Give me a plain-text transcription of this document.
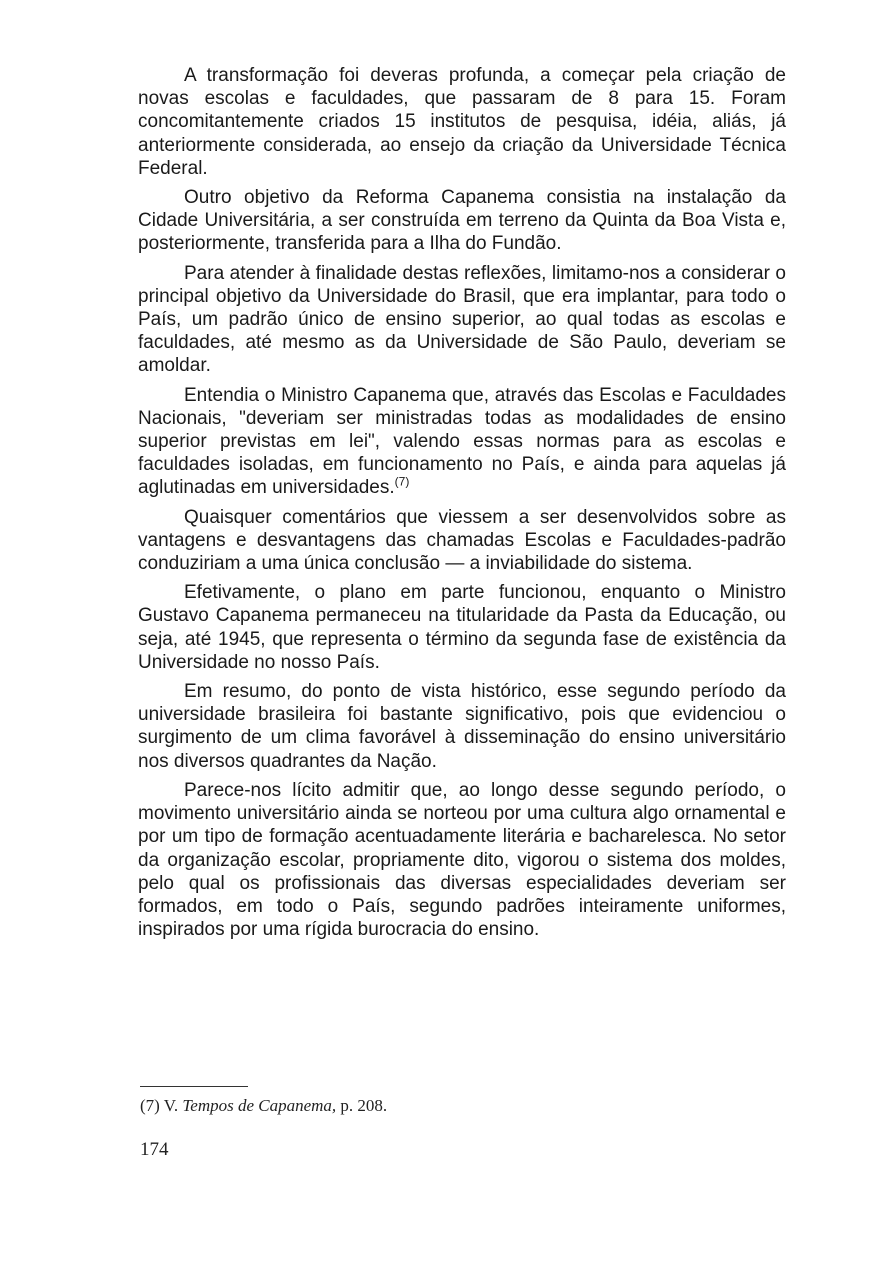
A transformação foi deveras profunda, a começar pela criação de novas escolas e faculdades, que passaram de 8 para 15. Foram concomitantemente criados 15 institutos de pesquisa, idéia, aliás, já anteriormente considerada, ao ensejo da criação da Universidade Técnica Federal.

Outro objetivo da Reforma Capanema consistia na instalação da Cidade Universitária, a ser construída em terreno da Quinta da Boa Vista e, posteriormente, transferida para a Ilha do Fundão.

Para atender à finalidade destas reflexões, limitamo-nos a considerar o principal objetivo da Universidade do Brasil, que era implantar, para todo o País, um padrão único de ensino superior, ao qual todas as escolas e faculdades, até mesmo as da Universidade de São Paulo, deveriam se amoldar.

Entendia o Ministro Capanema que, através das Escolas e Faculdades Nacionais, "deveriam ser ministradas todas as modalidades de ensino superior previstas em lei", valendo essas normas para as escolas e faculdades isoladas, em funcionamento no País, e ainda para aquelas já aglutinadas em universidades.$^{(7)}$

Quaisquer comentários que viessem a ser desenvolvidos sobre as vantagens e desvantagens das chamadas Escolas e Faculdades-padrão conduziriam a uma única conclusão — a inviabilidade do sistema.

Efetivamente, o plano em parte funcionou, enquanto o Ministro Gustavo Capanema permaneceu na titularidade da Pasta da Educação, ou seja, até 1945, que representa o término da segunda fase de existência da Universidade no nosso País.

Em resumo, do ponto de vista histórico, esse segundo período da universidade brasileira foi bastante significativo, pois que evidenciou o surgimento de um clima favorável à disseminação do ensino universitário nos diversos quadrantes da Nação.

Parece-nos lícito admitir que, ao longo desse segundo período, o movimento universitário ainda se norteou por uma cultura algo ornamental e por um tipo de formação acentuadamente literária e bacharelesca. No setor da organização escolar, propriamente dito, vigorou o sistema dos moldes, pelo qual os profissionais das diversas especialidades deveriam ser formados, em todo o País, segundo padrões inteiramente uniformes, inspirados por uma rígida burocracia do ensino.

(7) V. Tempos de Capanema, p. 208.
174
